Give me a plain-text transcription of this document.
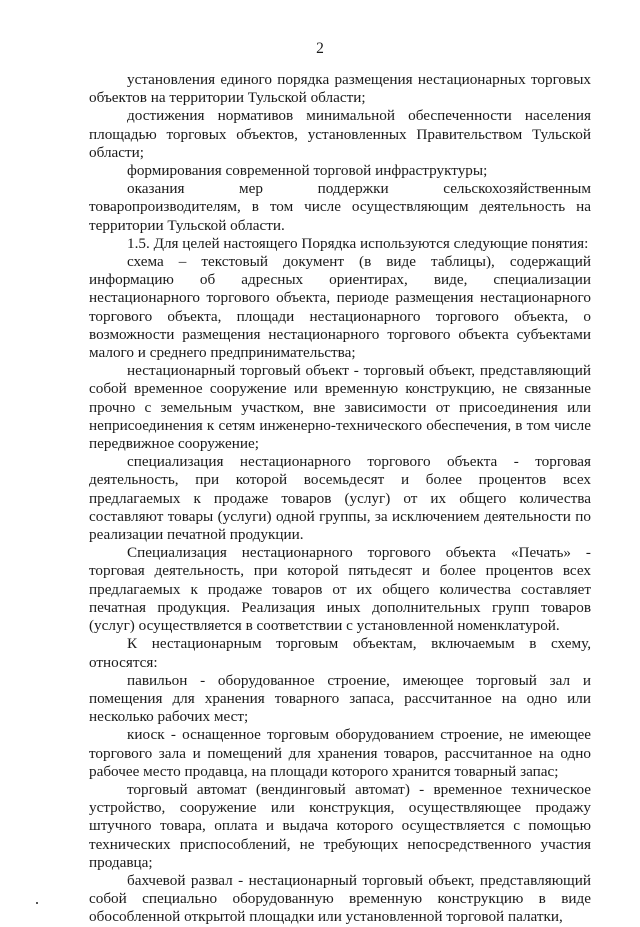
2

установления единого порядка размещения нестационарных торговых объектов на территории Тульской области;

достижения нормативов минимальной обеспеченности населения площадью торговых объектов, установленных Правительством Тульской области;

формирования современной торговой инфраструктуры;

оказания мер поддержки сельскохозяйственным товаропроизводителям, в том числе осуществляющим деятельность на территории Тульской области.

1.5. Для целей настоящего Порядка используются следующие понятия:

схема – текстовый документ (в виде таблицы), содержащий информацию об адресных ориентирах, виде, специализации нестационарного торгового объекта, периоде размещения нестационарного торгового объекта, площади нестационарного торгового объекта, о возможности размещения нестационарного торгового объекта субъектами малого и среднего предпринимательства;

нестационарный торговый объект - торговый объект, представляющий собой временное сооружение или временную конструкцию, не связанные прочно с земельным участком, вне зависимости от присоединения или неприсоединения к сетям инженерно-технического обеспечения, в том числе передвижное сооружение;

специализация нестационарного торгового объекта - торговая деятельность, при которой восемьдесят и более процентов всех предлагаемых к продаже товаров (услуг) от их общего количества составляют товары (услуги) одной группы, за исключением деятельности по реализации печатной продукции.

Специализация нестационарного торгового объекта «Печать» - торговая деятельность, при которой пятьдесят и более процентов всех предлагаемых к продаже товаров от их общего количества составляет печатная продукция. Реализация иных дополнительных групп товаров (услуг) осуществляется в соответствии с установленной номенклатурой.

К нестационарным торговым объектам, включаемым в схему, относятся:

павильон - оборудованное строение, имеющее торговый зал и помещения для хранения товарного запаса, рассчитанное на одно или несколько рабочих мест;

киоск - оснащенное торговым оборудованием строение, не имеющее торгового зала и помещений для хранения товаров, рассчитанное на одно рабочее место продавца, на площади которого хранится товарный запас;

торговый автомат (вендинговый автомат) - временное техническое устройство, сооружение или конструкция, осуществляющее продажу штучного товара, оплата и выдача которого осуществляется с помощью технических приспособлений, не требующих непосредственного участия продавца;

бахчевой развал - нестационарный торговый объект, представляющий собой специально оборудованную временную конструкцию в виде обособленной открытой площадки или установленной торговой палатки,
